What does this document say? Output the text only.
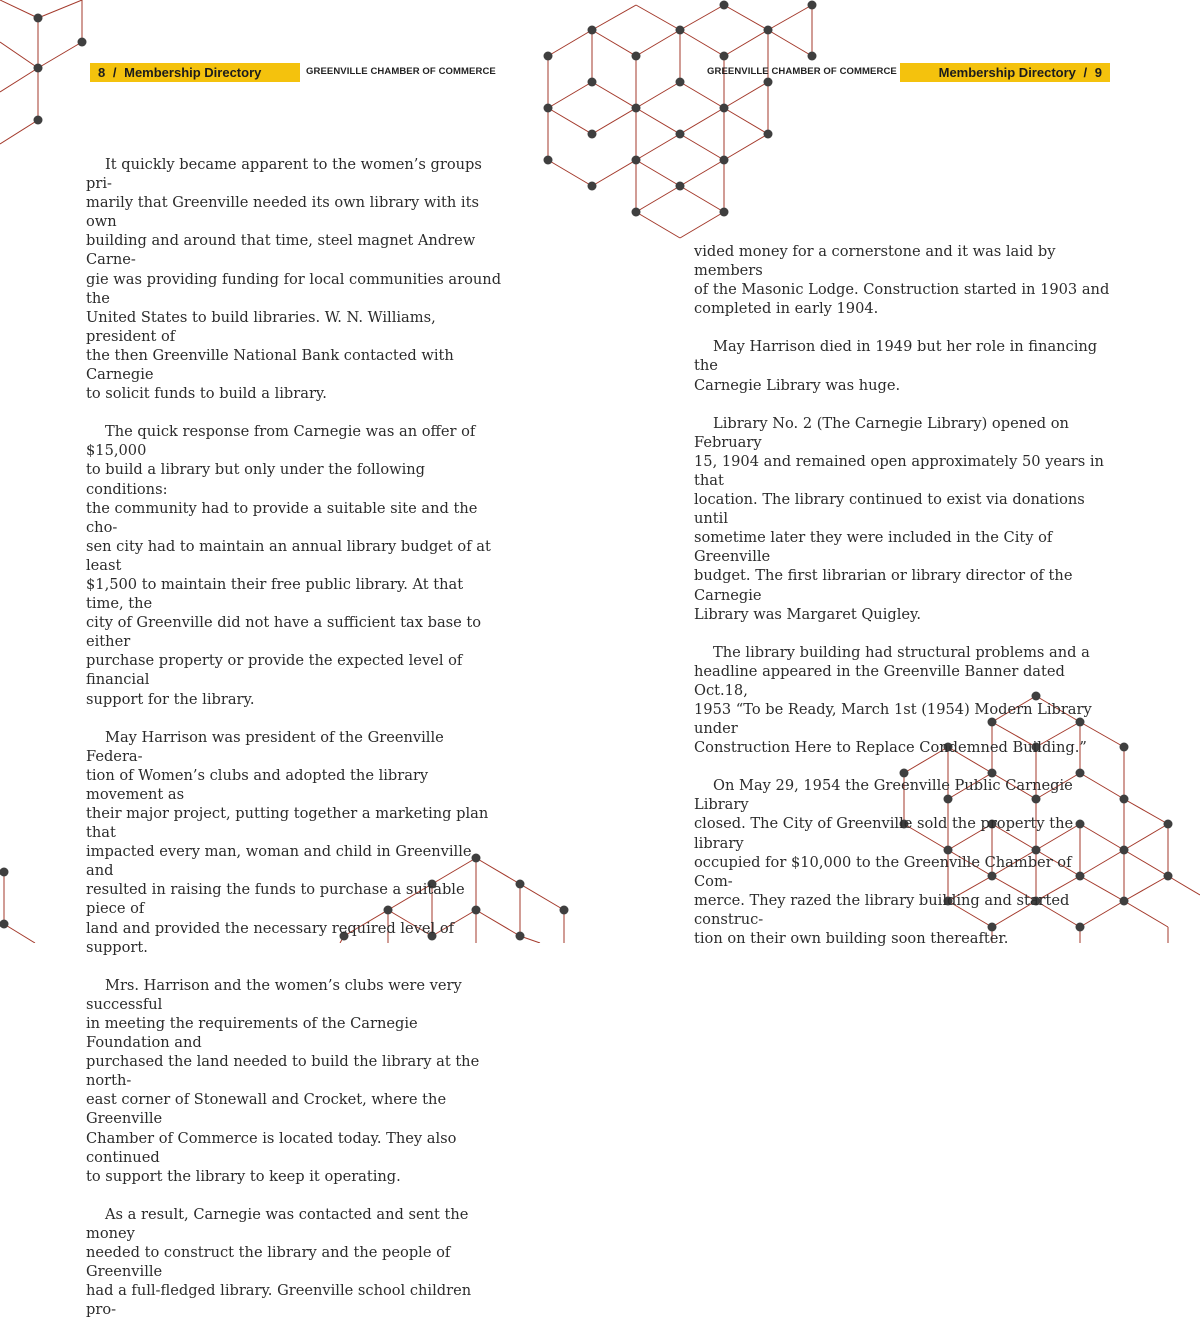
8 / Membership Directory	GREENVILLE CHAMBER OF COMMERCE	GREENVILLE CHAMBER OF COMMERCE	Membership Directory / 9

It quickly became apparent to the women’s groups pri-
marily that Greenville needed its own library with its own
building and around that time, steel magnet Andrew Carne-
gie was providing funding for local communities around the
United States to build libraries. W. N. Williams, president of
the then Greenville National Bank contacted with Carnegie
to solicit funds to build a library.

The quick response from Carnegie was an offer of $15,000
to build a library but only under the following conditions:
the community had to provide a suitable site and the cho-
sen city had to maintain an annual library budget of at least
$1,500 to maintain their free public library. At that time, the
city of Greenville did not have a sufficient tax base to either
purchase property or provide the expected level of financial
support for the library.

May Harrison was president of the Greenville Federa-
tion of Women’s clubs and adopted the library movement as
their major project, putting together a marketing plan that
impacted every man, woman and child in Greenville and
resulted in raising the funds to purchase a suitable piece of
land and provided the necessary required level of support.

Mrs. Harrison and the women’s clubs were very successful
in meeting the requirements of the Carnegie Foundation and
purchased the land needed to build the library at the north-
east corner of Stonewall and Crocket, where the Greenville
Chamber of Commerce is located today. They also continued
to support the library to keep it operating.

As a result, Carnegie was contacted and sent the money
needed to construct the library and the people of Greenville
had a full-fledged library. Greenville school children pro-

vided money for a cornerstone and it was laid by members
of the Masonic Lodge. Construction started in 1903 and
completed in early 1904.

May Harrison died in 1949 but her role in financing the
Carnegie Library was huge.

Library No. 2 (The Carnegie Library) opened on February
15, 1904 and remained open approximately 50 years in that
location. The library continued to exist via donations until
sometime later they were included in the City of Greenville
budget. The first librarian or library director of the Carnegie
Library was Margaret Quigley.

The library building had structural problems and a
headline appeared in the Greenville Banner dated Oct.18,
1953 “To be Ready, March 1st (1954) Modern Library under
Construction Here to Replace Condemned Building.”

On May 29, 1954 the Greenville Public Carnegie Library
closed. The City of Greenville sold the property the library
occupied for $10,000 to the Greenville Chamber of Com-
merce. They razed the library building and started construc-
tion on their own building soon thereafter.
